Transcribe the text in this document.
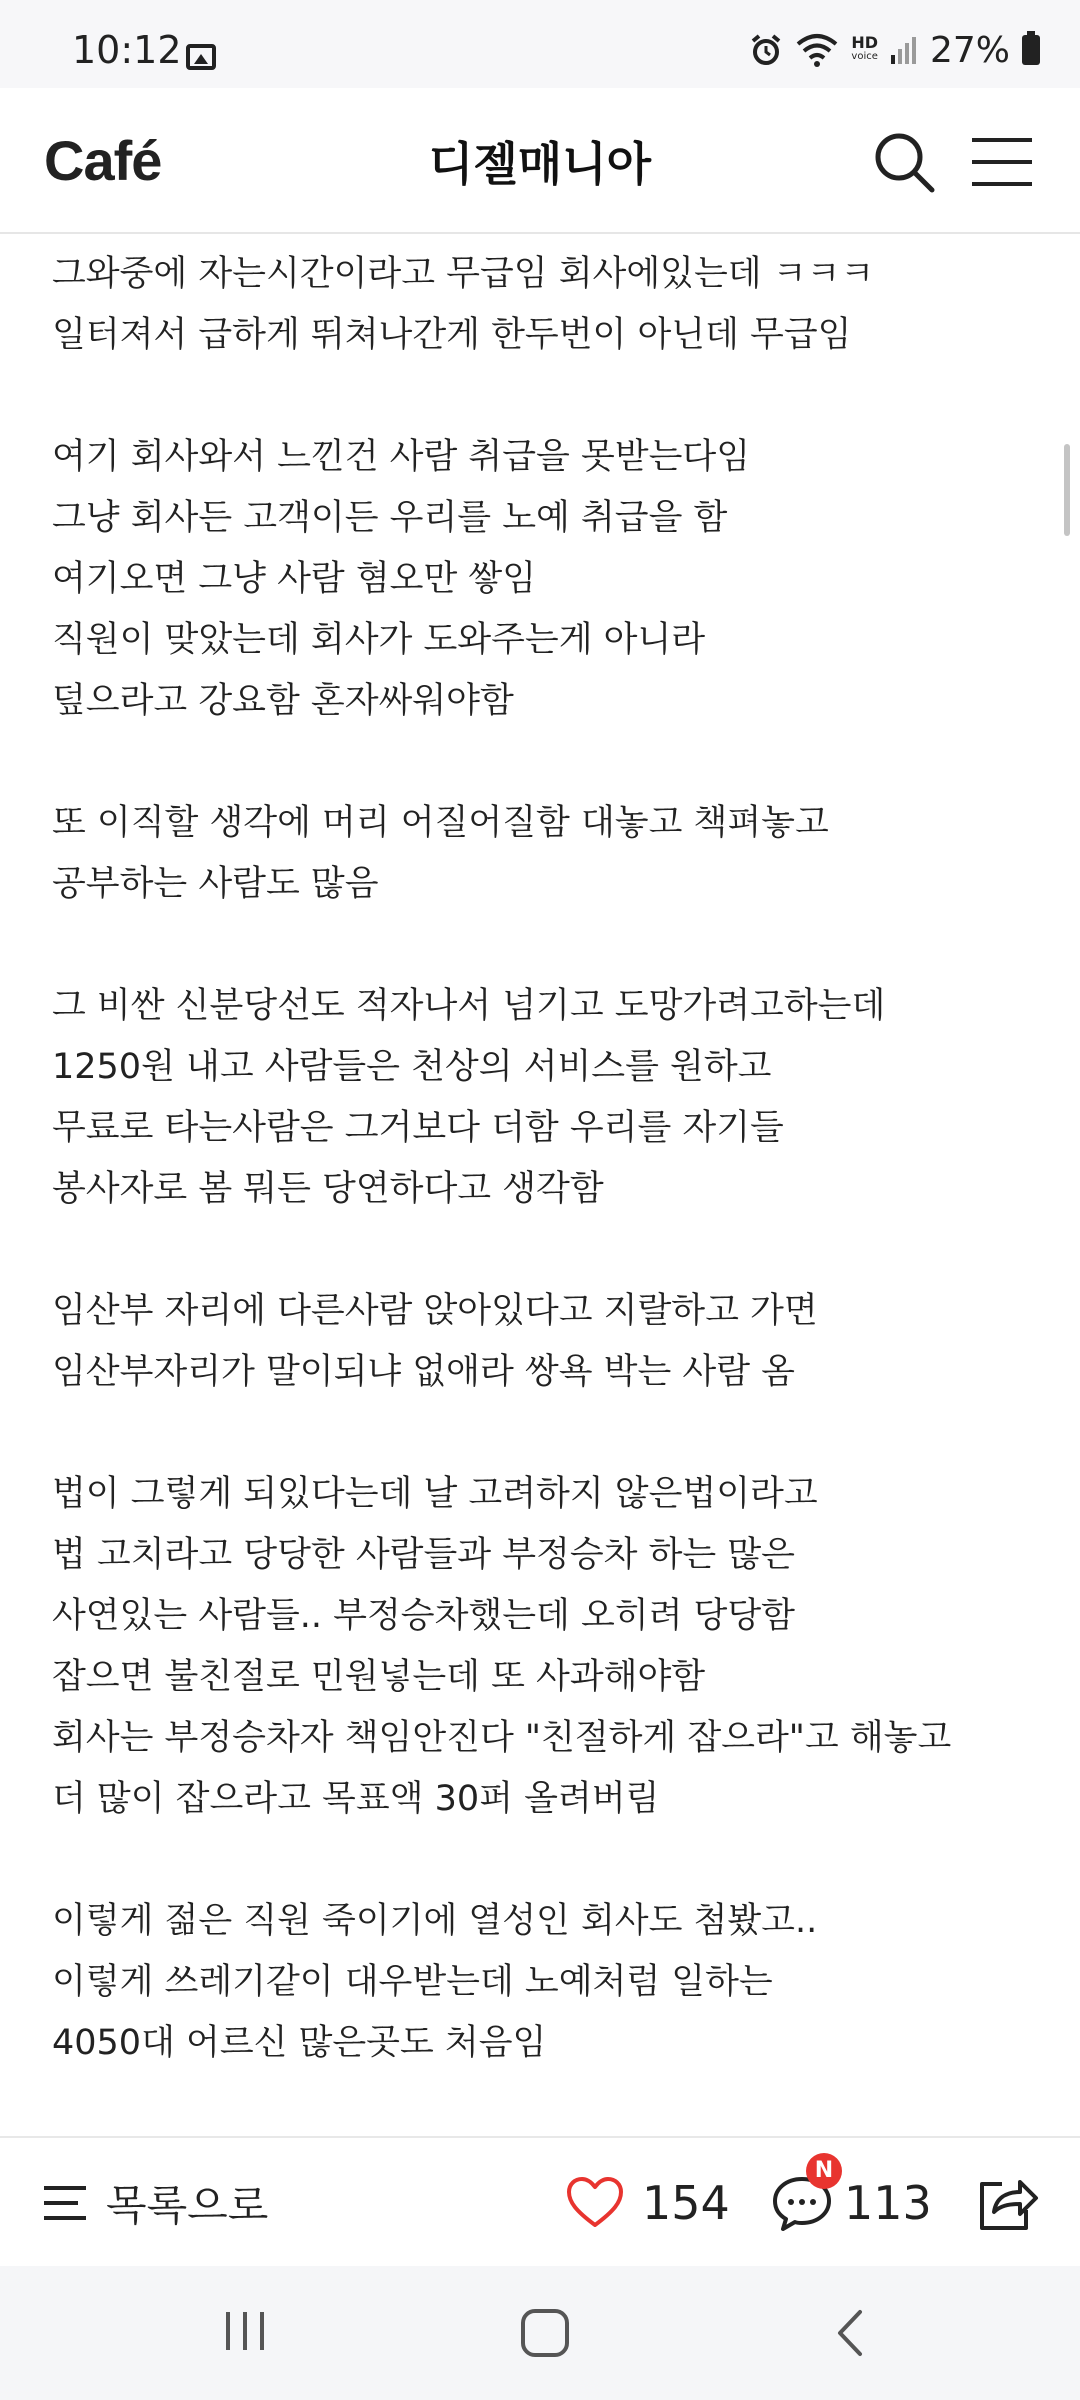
10:12	HD
voice 27%
Café	디젤매니아
그와중에 자는시간이라고 무급임 회사에있는데 ㅋㅋㅋ
일터져서 급하게 뛰쳐나간게 한두번이 아닌데 무급임
여기 회사와서 느낀건 사람 취급을 못받는다임
그냥 회사든 고객이든 우리를 노예 취급을 함
여기오면 그냥 사람 혐오만 쌓임
직원이 맞았는데 회사가 도와주는게 아니라
덮으라고 강요함 혼자싸워야함
또 이직할 생각에 머리 어질어질함 대놓고 책펴놓고
공부하는 사람도 많음
그 비싼 신분당선도 적자나서 넘기고 도망가려고하는데
1250원 내고 사람들은 천상의 서비스를 원하고
무료로 타는사람은 그거보다 더함 우리를 자기들
봉사자로 봄 뭐든 당연하다고 생각함
임산부 자리에 다른사람 앉아있다고 지랄하고 가면
임산부자리가 말이되냐 없애라 쌍욕 박는 사람 옴
법이 그렇게 되있다는데 날 고려하지 않은법이라고
법 고치라고 당당한 사람들과 부정승차 하는 많은
사연있는 사람들.. 부정승차했는데 오히려 당당함
잡으면 불친절로 민원넣는데 또 사과해야함
회사는 부정승차자 책임안진다 "친절하게 잡으라"고 해놓고
더 많이 잡으라고 목표액 30퍼 올려버림
이렇게 젊은 직원 죽이기에 열성인 회사도 첨봤고..
이렇게 쓰레기같이 대우받는데 노예처럼 일하는
4050대 어르신 많은곳도 처음임
목록으로	154
N
113
